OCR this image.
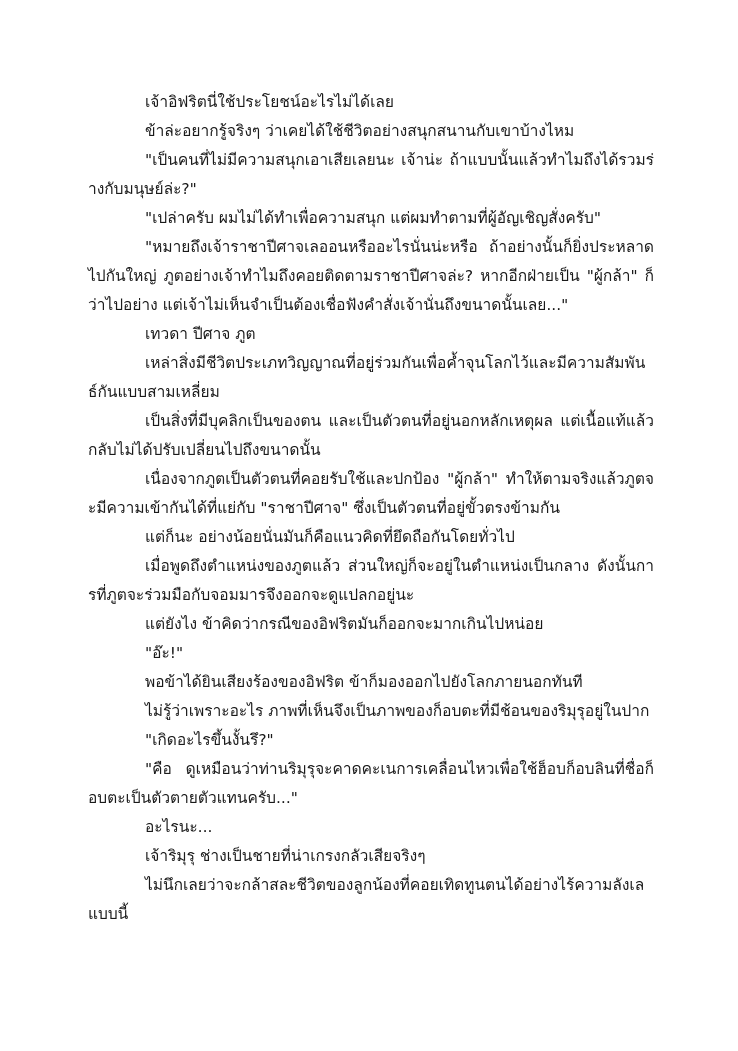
เจ้าอิฟริตนี่ใช้ประโยชน์อะไรไม่ได้เลย

ข้าล่ะอยากรู้จริงๆ ว่าเคยได้ใช้ชีวิตอย่างสนุกสนานกับเขาบ้างไหม

"เป็นคนที่ไม่มีความสนุกเอาเสียเลยนะ เจ้าน่ะ ถ้าแบบนั้นแล้วทำไมถึงได้รวมร่างกับมนุษย์ล่ะ?"

"เปล่าครับ ผมไม่ได้ทำเพื่อความสนุก แต่ผมทำตามที่ผู้อัญเชิญสั่งครับ"

"หมายถึงเจ้าราชาปีศาจเลออนหรืออะไรนั่นน่ะหรือ ถ้าอย่างนั้นก็ยิ่งประหลาดไปกันใหญ่ ภูตอย่างเจ้าทำไมถึงคอยติดตามราชาปีศาจล่ะ? หากอีกฝ่ายเป็น "ผู้กล้า" ก็ว่าไปอย่าง แต่เจ้าไม่เห็นจำเป็นต้องเชื่อฟังคำสั่งเจ้านั่นถึงขนาดนั้นเลย..."

เทวดา ปีศาจ ภูต

เหล่าสิ่งมีชีวิตประเภทวิญญาณที่อยู่ร่วมกันเพื่อค้ำจุนโลกไว้และมีความสัมพันธ์กันแบบสามเหลี่ยม

เป็นสิ่งที่มีบุคลิกเป็นของตน และเป็นตัวตนที่อยู่นอกหลักเหตุผล แต่เนื้อแท้แล้วกลับไม่ได้ปรับเปลี่ยนไปถึงขนาดนั้น

เนื่องจากภูตเป็นตัวตนที่คอยรับใช้และปกป้อง "ผู้กล้า" ทำให้ตามจริงแล้วภูตจะมีความเข้ากันได้ที่แย่กับ "ราชาปีศาจ" ซึ่งเป็นตัวตนที่อยู่ขั้วตรงข้ามกัน

แต่ก็นะ อย่างน้อยนั่นมันก็คือแนวคิดที่ยึดถือกันโดยทั่วไป

เมื่อพูดถึงตำแหน่งของภูตแล้ว ส่วนใหญ่ก็จะอยู่ในตำแหน่งเป็นกลาง ดังนั้นการที่ภูตจะร่วมมือกับจอมมารจึงออกจะดูแปลกอยู่นะ

แต่ยังไง ข้าคิดว่ากรณีของอิฟริตมันก็ออกจะมากเกินไปหน่อย

"อ๊ะ!"

พอข้าได้ยินเสียงร้องของอิฟริต ข้าก็มองออกไปยังโลกภายนอกทันที

ไม่รู้ว่าเพราะอะไร ภาพที่เห็นจึงเป็นภาพของก็อบตะที่มีช้อนของริมุรุอยู่ในปาก

"เกิดอะไรขึ้นงั้นรึ?"

"คือ ดูเหมือนว่าท่านริมุรุจะคาดคะเนการเคลื่อนไหวเพื่อใช้ฮ็อบก็อบลินที่ชื่อก็อบตะเป็นตัวตายตัวแทนครับ..."

อะไรนะ...

เจ้าริมุรุ ช่างเป็นชายที่น่าเกรงกลัวเสียจริงๆ

ไม่นึกเลยว่าจะกล้าสละชีวิตของลูกน้องที่คอยเทิดทูนตนได้อย่างไร้ความลังเลแบบนี้
